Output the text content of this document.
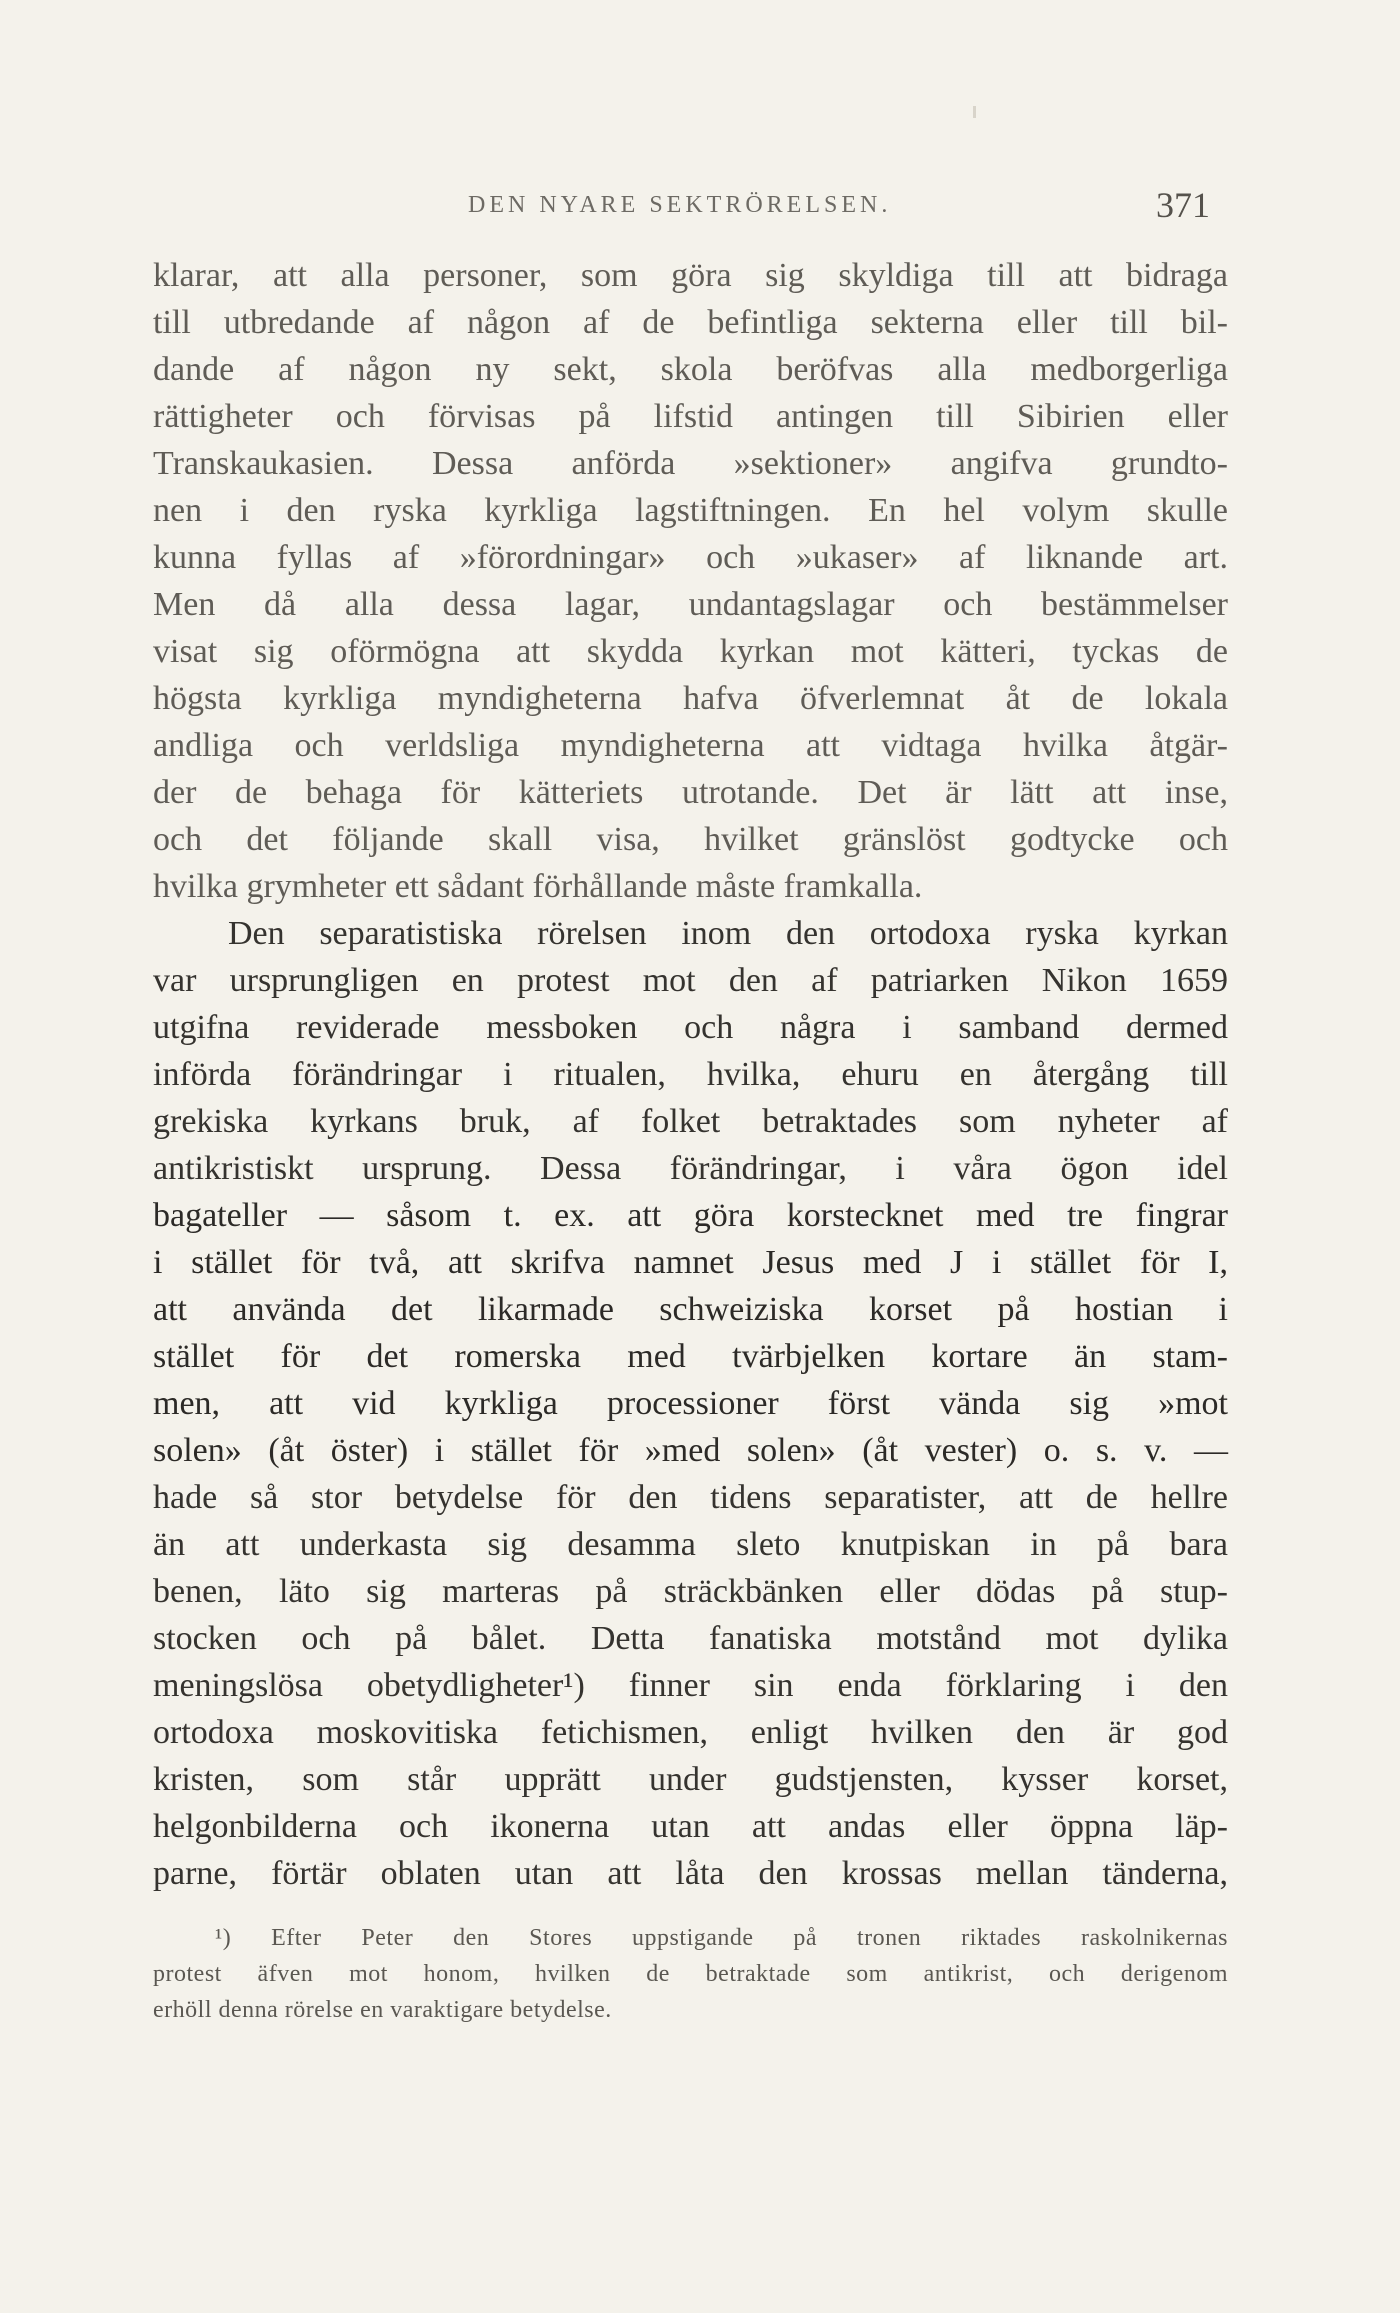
DEN NYARE SEKTRÖRELSEN.	371
klarar, att alla personer, som göra sig skyldiga till att bidraga
till utbredande af någon af de befintliga sekterna eller till bil-
dande af någon ny sekt, skola beröfvas alla medborgerliga
rättigheter och förvisas på lifstid antingen till Sibirien eller
Transkaukasien. Dessa anförda »sektioner» angifva grundto-
nen i den ryska kyrkliga lagstiftningen. En hel volym skulle
kunna fyllas af »förordningar» och »ukaser» af liknande art.
Men då alla dessa lagar, undantagslagar och bestämmelser
visat sig oförmögna att skydda kyrkan mot kätteri, tyckas de
högsta kyrkliga myndigheterna hafva öfverlemnat åt de lokala
andliga och verldsliga myndigheterna att vidtaga hvilka åtgär-
der de behaga för kätteriets utrotande. Det är lätt att inse,
och det följande skall visa, hvilket gränslöst godtycke och
hvilka grymheter ett sådant förhållande måste framkalla.
Den separatistiska rörelsen inom den ortodoxa ryska kyrkan
var ursprungligen en protest mot den af patriarken Nikon 1659
utgifna reviderade messboken och några i samband dermed
införda förändringar i ritualen, hvilka, ehuru en återgång till
grekiska kyrkans bruk, af folket betraktades som nyheter af
antikristiskt ursprung. Dessa förändringar, i våra ögon idel
bagateller — såsom t. ex. att göra korstecknet med tre fingrar
i stället för två, att skrifva namnet Jesus med J i stället för I,
att använda det likarmade schweiziska korset på hostian i
stället för det romerska med tvärbjelken kortare än stam-
men, att vid kyrkliga processioner först vända sig »mot
solen» (åt öster) i stället för »med solen» (åt vester) o. s. v. —
hade så stor betydelse för den tidens separatister, att de hellre
än att underkasta sig desamma sleto knutpiskan in på bara
benen, läto sig marteras på sträckbänken eller dödas på stup-
stocken och på bålet. Detta fanatiska motstånd mot dylika
meningslösa obetydligheter¹) finner sin enda förklaring i den
ortodoxa moskovitiska fetichismen, enligt hvilken den är god
kristen, som står upprätt under gudstjensten, kysser korset,
helgonbilderna och ikonerna utan att andas eller öppna läp-
parne, förtär oblaten utan att låta den krossas mellan tänderna,
¹) Efter Peter den Stores uppstigande på tronen riktades raskolnikernas
protest äfven mot honom, hvilken de betraktade som antikrist, och derigenom
erhöll denna rörelse en varaktigare betydelse.
